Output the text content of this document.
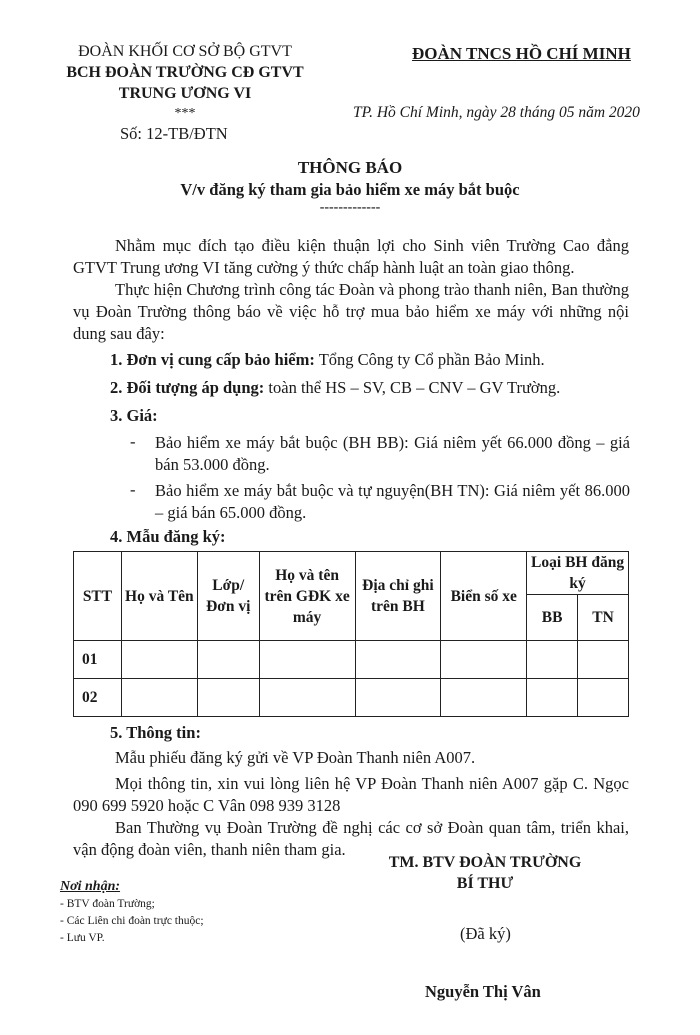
ĐOÀN KHỐI CƠ SỞ BỘ GTVT
BCH ĐOÀN TRƯỜNG CĐ GTVT
TRUNG ƯƠNG VI
***
Số: 12-TB/ĐTN
ĐOÀN TNCS HỒ CHÍ MINH
TP. Hồ Chí Minh, ngày 28 tháng 05 năm 2020
THÔNG BÁO
V/v đăng ký tham gia bảo hiểm xe máy bắt buộc
-------------

Nhằm mục đích tạo điều kiện thuận lợi cho Sinh viên Trường Cao đẳng GTVT Trung ương VI tăng cường ý thức chấp hành luật an toàn giao thông.

Thực hiện Chương trình công tác Đoàn và phong trào thanh niên, Ban thường vụ Đoàn Trường thông báo về việc hỗ trợ mua bảo hiểm xe máy với những nội dung sau đây:

1. Đơn vị cung cấp bảo hiểm: Tổng Công ty Cổ phần Bảo Minh.
2. Đối tượng áp dụng: toàn thể HS – SV, CB – CNV – GV Trường.
3. Giá:
- Bảo hiểm xe máy bắt buộc (BH BB): Giá niêm yết 66.000 đồng – giá bán 53.000 đồng.

- Bảo hiểm xe máy bắt buộc và tự nguyện(BH TN): Giá niêm yết 86.000 – giá bán 65.000 đồng.

4. Mẫu đăng ký:
STT	Họ và Tên	Lớp/ Đơn vị	Họ và tên trên GĐK xe máy	Địa chỉ ghi trên BH	Biển số xe	Loại BH đăng ký	
						BB	TN
01							
02							
5. Thông tin:

Mẫu phiếu đăng ký gửi về VP Đoàn Thanh niên A007.

Mọi thông tin, xin vui lòng liên hệ VP Đoàn Thanh niên A007 gặp C. Ngọc 090 699 5920 hoặc C Vân 098 939 3128

Ban Thường vụ Đoàn Trường đề nghị các cơ sở Đoàn quan tâm, triển khai, vận động đoàn viên, thanh niên tham gia.

TM. BTV ĐOÀN TRƯỜNG
BÍ THƯ
(Đã ký)
Nguyễn Thị Vân
Nơi nhận:
- BTV đoàn Trường;
- Các Liên chi đoàn trực thuộc;
- Lưu VP.
